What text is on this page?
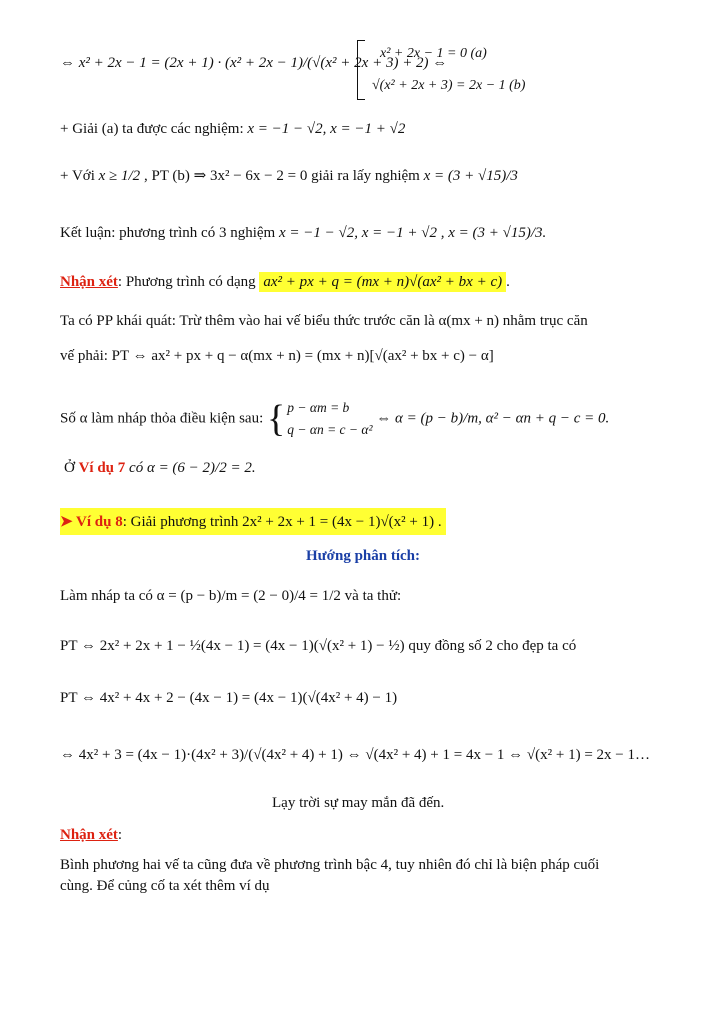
⇔ x² + 2x − 1 = (2x + 1) · (x² + 2x − 1)/(√(x² + 2x + 3) + 2) ⇔
x² + 2x − 1 = 0 (a)
√(x² + 2x + 3) = 2x − 1 (b)
+ Giải (a) ta được các nghiệm: x = −1 − √2, x = −1 + √2
+ Với x ≥ 1/2 , PT (b) ⇒ 3x² − 6x − 2 = 0 giải ra lấy nghiệm x = (3 + √15)/3
Kết luận: phương trình có 3 nghiệm x = −1 − √2, x = −1 + √2 , x = (3 + √15)/3.
Nhận xét: Phương trình có dạng ax² + px + q = (mx + n)√(ax² + bx + c) .
Ta có PP khái quát: Trừ thêm vào hai vế biểu thức trước căn là α(mx + n) nhằm trục căn
vế phải: PT ⇔ ax² + px + q − α(mx + n) = (mx + n)[√(ax² + bx + c) − α]
Số α làm nháp thỏa điều kiện sau: { p − αm = b
q − αn = c − α²
⇔ α = (p − b)/m, α² − αn + q − c = 0.
Ở Ví dụ 7 có α = (6 − 2)/2 = 2.
➤ Ví dụ 8: Giải phương trình 2x² + 2x + 1 = (4x − 1)√(x² + 1) .
Hướng phân tích:
Làm nháp ta có α = (p − b)/m = (2 − 0)/4 = 1/2 và ta thử:
PT ⇔ 2x² + 2x + 1 − ½(4x − 1) = (4x − 1)(√(x² + 1) − ½) quy đồng số 2 cho đẹp ta có
PT ⇔ 4x² + 4x + 2 − (4x − 1) = (4x − 1)(√(4x² + 4) − 1)
⇔ 4x² + 3 = (4x − 1)·(4x² + 3)/(√(4x² + 4) + 1) ⇔ √(4x² + 4) + 1 = 4x − 1 ⇔ √(x² + 1) = 2x − 1…
Lạy trời sự may mắn đã đến.
Nhận xét:
Bình phương hai vế ta cũng đưa về phương trình bậc 4, tuy nhiên đó chỉ là biện pháp cuối
cùng. Để củng cố ta xét thêm ví dụ
